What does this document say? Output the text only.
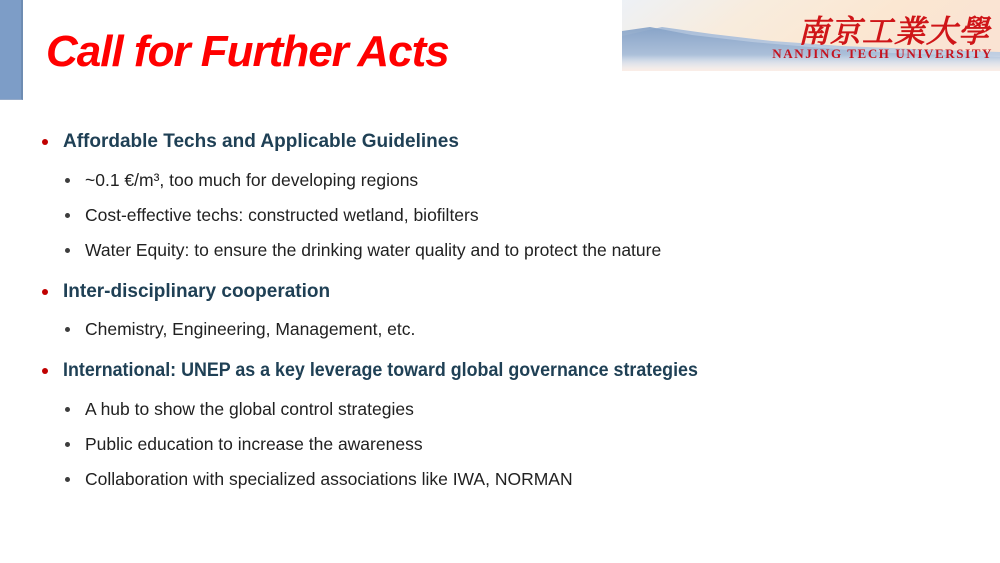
Call for Further Acts	南京工業大學
NANJING TECH UNIVERSITY
Affordable Techs and Applicable Guidelines
~0.1 €/m³, too much for developing regions
Cost-effective techs: constructed wetland, biofilters
Water Equity: to ensure the drinking water quality and to protect the nature
Inter-disciplinary cooperation
Chemistry, Engineering, Management, etc.
International: UNEP as a key leverage toward global governance strategies
A hub to show the global control strategies
Public education to increase the awareness
Collaboration with specialized associations like IWA, NORMAN
